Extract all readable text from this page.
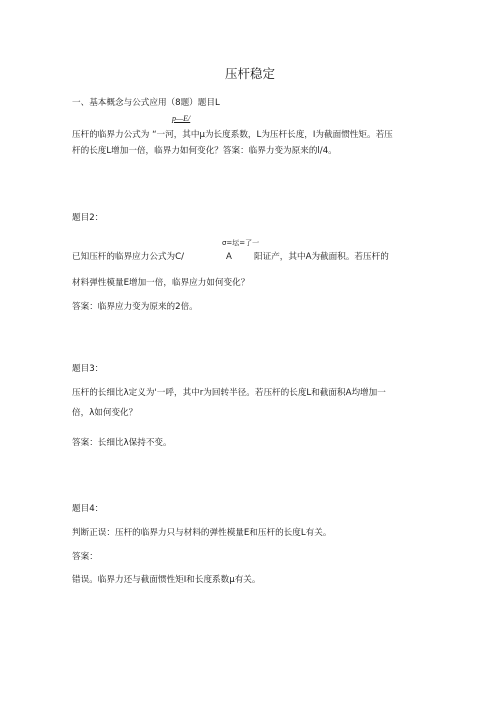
压杆稳定
一、基本概念与公式应用（8题）题目L
p—E/
压杆的临界力公式为 “一河，其中μ为长度系数，L为压杆长度，I为截面惯性矩。若压
杆的长度L增加一倍，临界力如何变化？答案：临界力变为原来的l/4。
题目2：
$_{\sigma=坛=了一}$
已知压杆的临界应力公式为C/	A	阳证产，其中A为截面积。若压杆的
材料弹性模量E增加一倍，临界应力如何变化？
答案：临界应力变为原来的2倍。
题目3：
压杆的长细比λ定义为'一呼，其中r为回转半径。若压杆的长度L和截面积A均增加一
倍，λ如何变化？
答案：长细比λ保持不变。
题目4：
判断正误：压杆的临界力只与材料的弹性模量E和压杆的长度L有关。
答案：
错误。临界力还与截面惯性矩I和长度系数μ有关。
